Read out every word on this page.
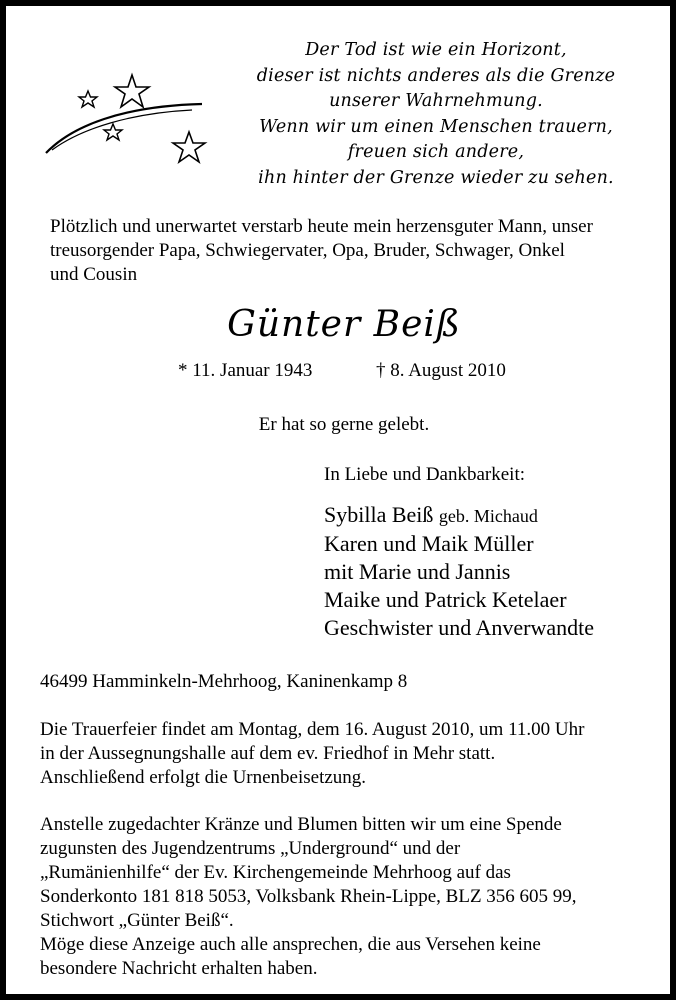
Der Tod ist wie ein Horizont,
dieser ist nichts anderes als die Grenze
unserer Wahrnehmung.
Wenn wir um einen Menschen trauern,
freuen sich andere,
ihn hinter der Grenze wieder zu sehen.
Plötzlich und unerwartet verstarb heute mein herzensguter Mann, unser
treusorgender Papa, Schwiegervater, Opa, Bruder, Schwager, Onkel
und Cousin
Günter Beiß
* 11. Januar 1943	† 8. August 2010
Er hat so gerne gelebt.
In Liebe und Dankbarkeit:
Sybilla Beiß geb. Michaud
Karen und Maik Müller
mit Marie und Jannis
Maike und Patrick Ketelaer
Geschwister und Anverwandte
46499 Hamminkeln-Mehrhoog, Kaninenkamp 8
Die Trauerfeier findet am Montag, dem 16. August 2010, um 11.00 Uhr
in der Aussegnungshalle auf dem ev. Friedhof in Mehr statt.
Anschließend erfolgt die Urnenbeisetzung.
Anstelle zugedachter Kränze und Blumen bitten wir um eine Spende
zugunsten des Jugendzentrums „Underground“ und der
„Rumänienhilfe“ der Ev. Kirchengemeinde Mehrhoog auf das
Sonderkonto 181 818 5053, Volksbank Rhein-Lippe, BLZ 356 605 99,
Stichwort „Günter Beiß“.
Möge diese Anzeige auch alle ansprechen, die aus Versehen keine
besondere Nachricht erhalten haben.
